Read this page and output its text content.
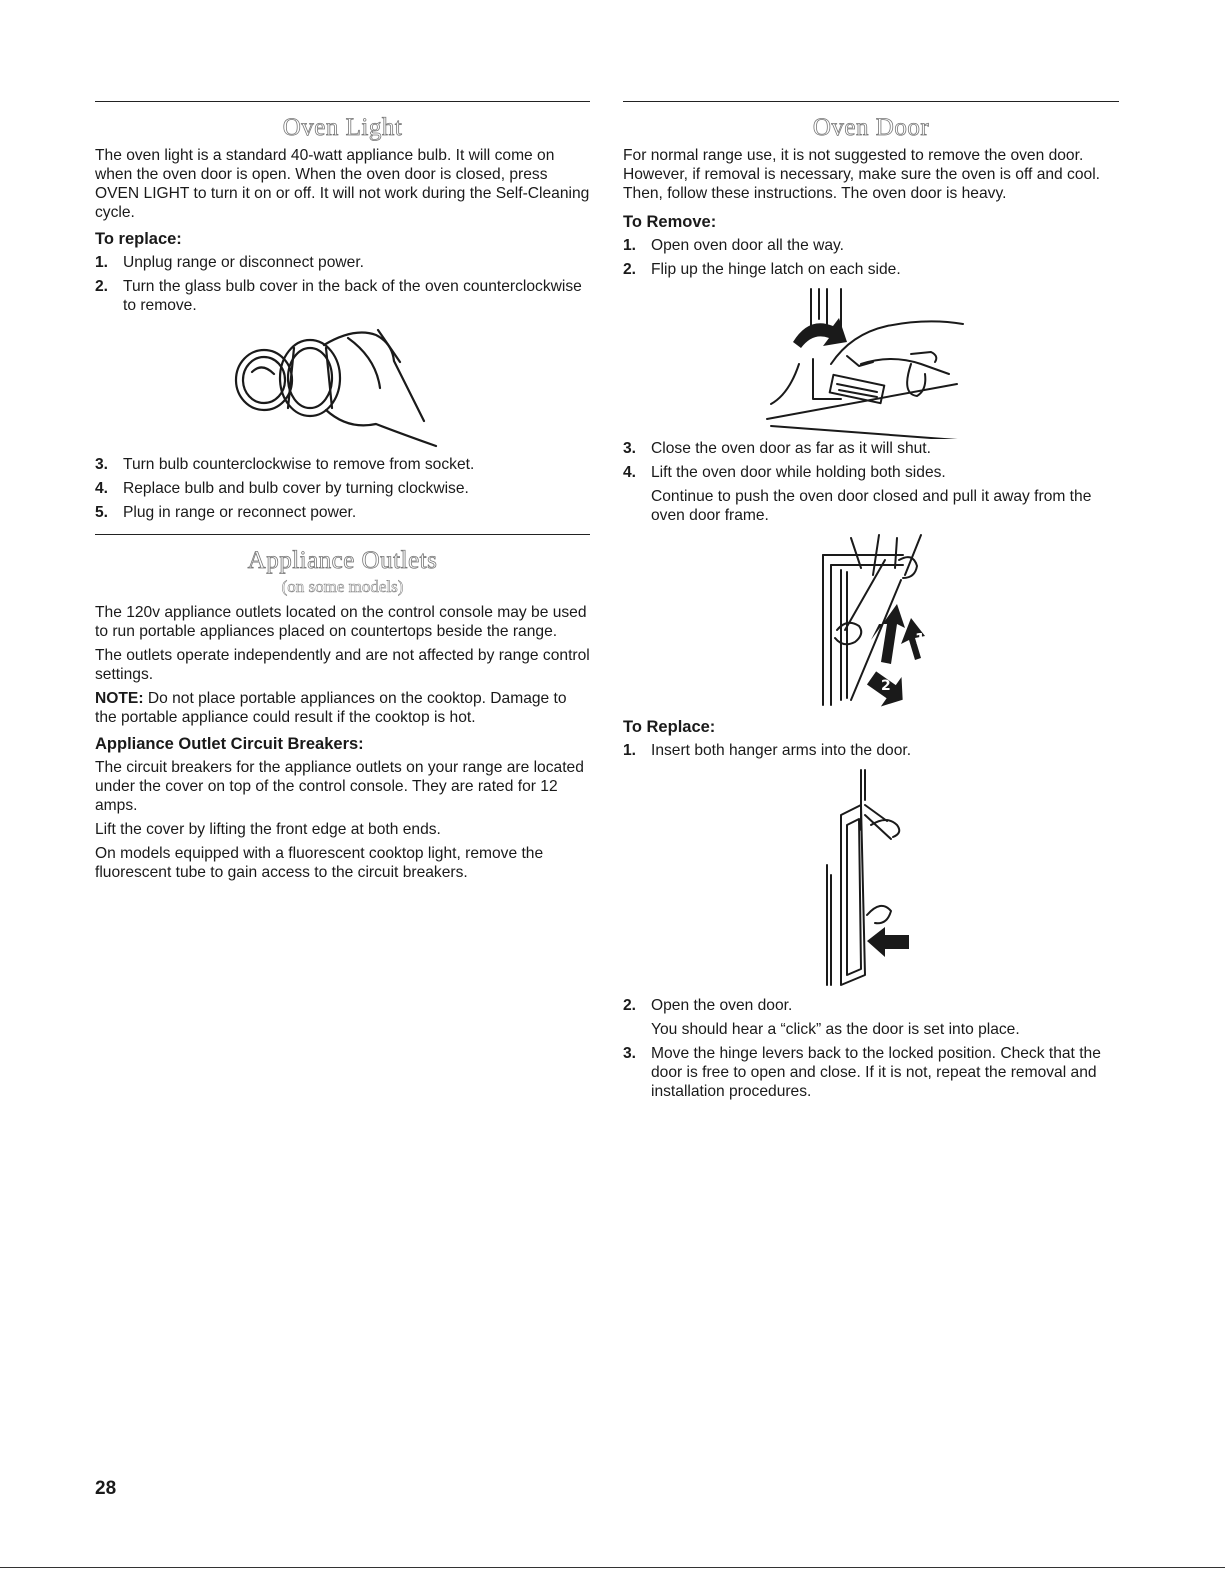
Oven Light

The oven light is a standard 40-watt appliance bulb. It will come on when the oven door is open. When the oven door is closed, press OVEN LIGHT to turn it on or off. It will not work during the Self-Cleaning cycle.

To replace:
1. Unplug range or disconnect power.
2. Turn the glass bulb cover in the back of the oven counterclockwise to remove.
3. Turn bulb counterclockwise to remove from socket.
4. Replace bulb and bulb cover by turning clockwise.
5. Plug in range or reconnect power.
Appliance Outlets
(on some models)

The 120v appliance outlets located on the control console may be used to run portable appliances placed on countertops beside the range.

The outlets operate independently and are not affected by range control settings.

NOTE: Do not place portable appliances on the cooktop. Damage to the portable appliance could result if the cooktop is hot.

Appliance Outlet Circuit Breakers:

The circuit breakers for the appliance outlets on your range are located under the cover on top of the control console. They are rated for 12 amps.

Lift the cover by lifting the front edge at both ends.

On models equipped with a fluorescent cooktop light, remove the fluorescent tube to gain access to the circuit breakers.

Oven Door

For normal range use, it is not suggested to remove the oven door. However, if removal is necessary, make sure the oven is off and cool. Then, follow these instructions. The oven door is heavy.

To Remove:
1. Open oven door all the way.
2. Flip up the hinge latch on each side.
3. Close the oven door as far as it will shut.
4. Lift the oven door while holding both sides.

Continue to push the oven door closed and pull it away from the oven door frame.

1
2
To Replace:
1. Insert both hanger arms into the door.
2. Open the oven door.

You should hear a “click” as the door is set into place.

3. Move the hinge levers back to the locked position. Check that the door is free to open and close. If it is not, repeat the removal and installation procedures.
28
